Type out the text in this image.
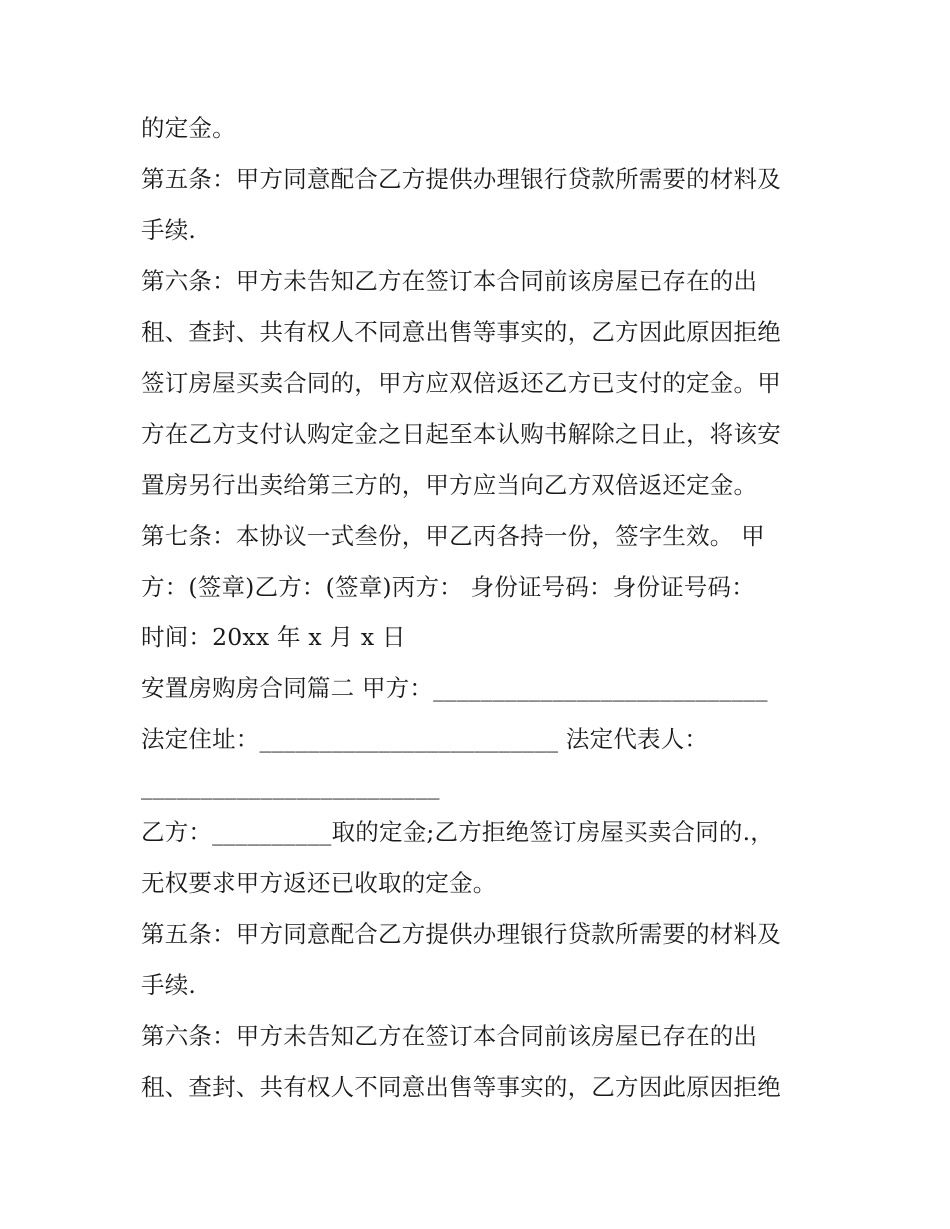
的定金。
第五条：甲方同意配合乙方提供办理银行贷款所需要的材料及
手续.
第六条：甲方未告知乙方在签订本合同前该房屋已存在的出
租、查封、共有权人不同意出售等事实的，乙方因此原因拒绝
签订房屋买卖合同的，甲方应双倍返还乙方已支付的定金。甲
方在乙方支付认购定金之日起至本认购书解除之日止，将该安
置房另行出卖给第三方的，甲方应当向乙方双倍返还定金。
第七条：本协议一式叁份，甲乙丙各持一份，签字生效。 甲
方：(签章)乙方：(签章)丙方： 身份证号码：身份证号码：
时间：20xx 年 x 月 x 日
安置房购房合同篇二 甲方：____________________________
法定住址：_________________________ 法定代表人：
_________________________
乙方：__________取的定金;乙方拒绝签订房屋买卖合同的.，
无权要求甲方返还已收取的定金。
第五条：甲方同意配合乙方提供办理银行贷款所需要的材料及
手续.
第六条：甲方未告知乙方在签订本合同前该房屋已存在的出
租、查封、共有权人不同意出售等事实的，乙方因此原因拒绝
